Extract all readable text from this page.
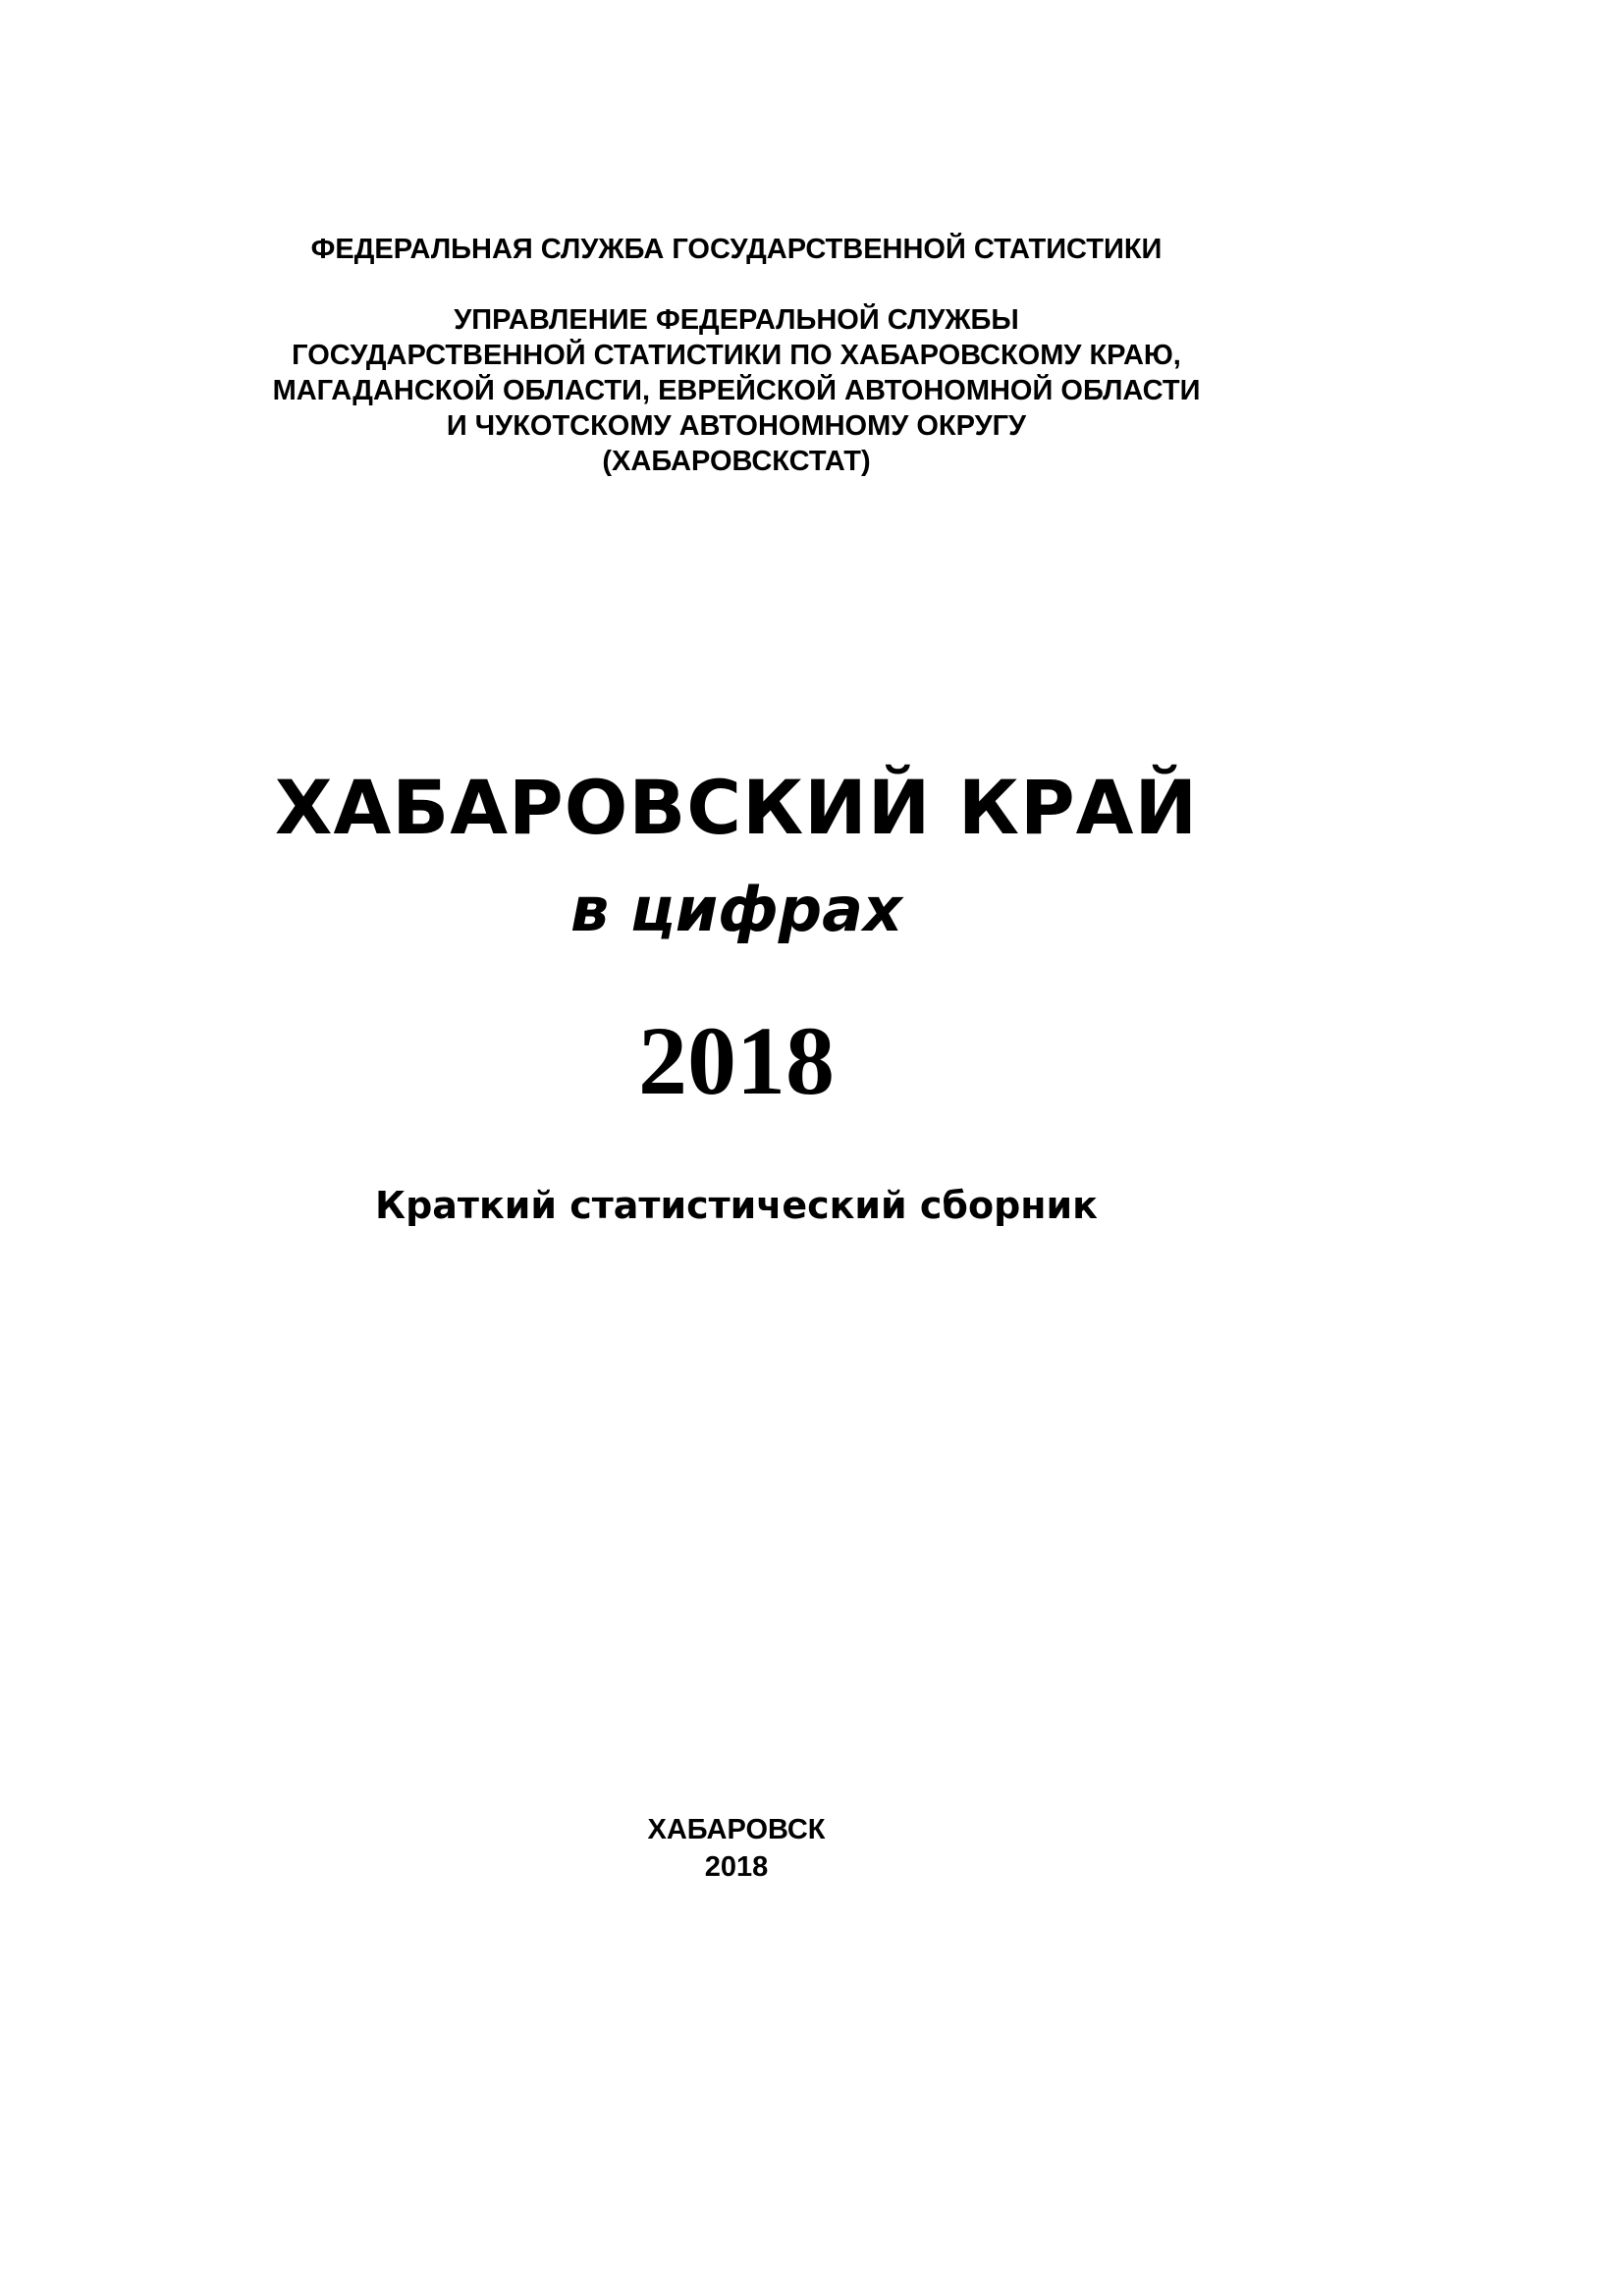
ФЕДЕРАЛЬНАЯ СЛУЖБА ГОСУДАРСТВЕННОЙ СТАТИСТИКИ
УПРАВЛЕНИЕ ФЕДЕРАЛЬНОЙ СЛУЖБЫ
ГОСУДАРСТВЕННОЙ СТАТИСТИКИ ПО ХАБАРОВСКОМУ КРАЮ,
МАГАДАНСКОЙ ОБЛАСТИ, ЕВРЕЙСКОЙ АВТОНОМНОЙ ОБЛАСТИ
И ЧУКОТСКОМУ АВТОНОМНОМУ ОКРУГУ
(ХАБАРОВСКСТАТ)
ХАБАРОВСКИЙ КРАЙ
в цифрах
2018
Краткий статистический сборник
ХАБАРОВСК
2018
